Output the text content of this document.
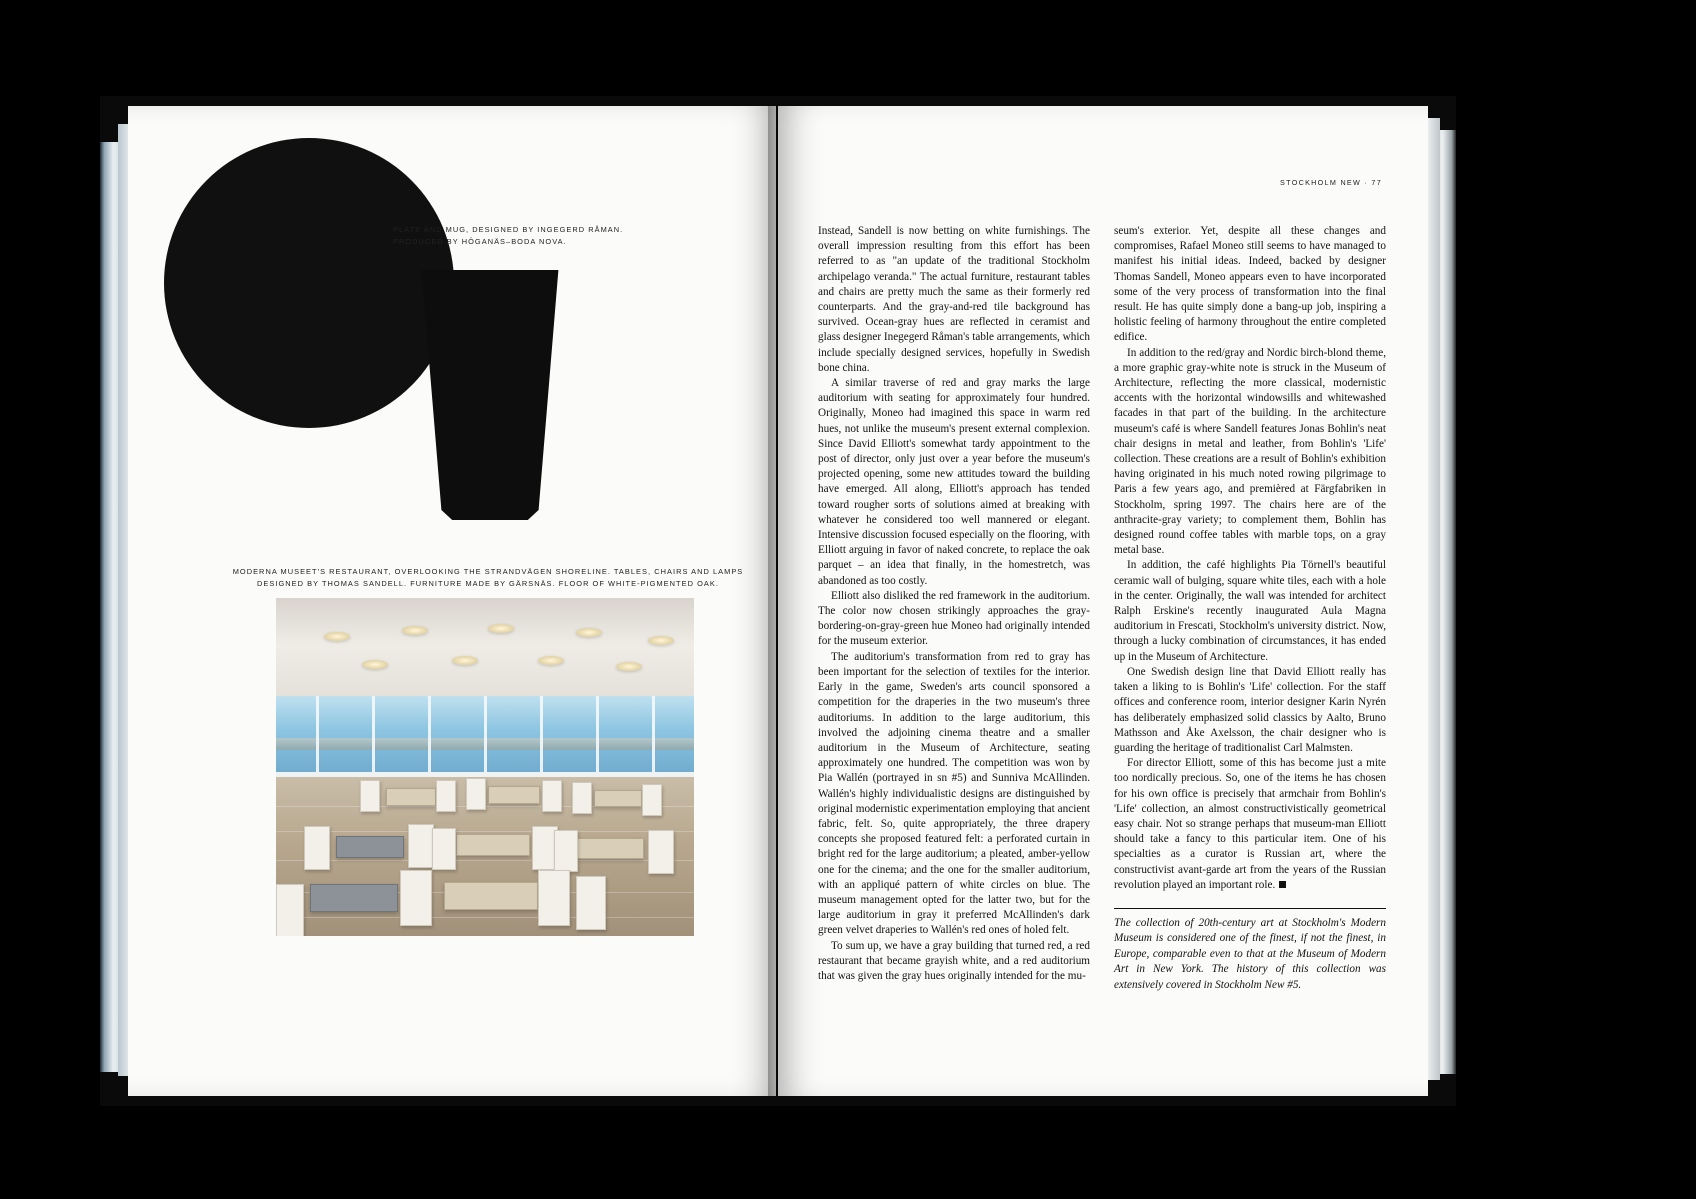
PLATE AND MUG, DESIGNED BY INGEGERD RÅMAN. PRODUCED BY HÖGANÄS–BODA NOVA.
MODERNA MUSEET'S RESTAURANT, OVERLOOKING THE STRANDVÄGEN SHORELINE. TABLES, CHAIRS AND LAMPS DESIGNED BY THOMAS SANDELL. FURNITURE MADE BY GÄRSNÄS. FLOOR OF WHITE-PIGMENTED OAK.
STOCKHOLM NEW · 77

Instead, Sandell is now betting on white furnishings. The overall impression resulting from this effort has been referred to as "an update of the traditional Stockholm archipelago veranda." The actual furniture, restaurant tables and chairs are pretty much the same as their formerly red counterparts. And the gray-and-red tile background has survived. Ocean-gray hues are reflected in ceramist and glass designer Inegegerd Råman's table arrangements, which include specially designed services, hopefully in Swedish bone china.

A similar traverse of red and gray marks the large auditorium with seating for approximately four hundred. Originally, Moneo had imagined this space in warm red hues, not unlike the museum's present external complexion. Since David Elliott's somewhat tardy appointment to the post of director, only just over a year before the museum's projected opening, some new attitudes toward the building have emerged. All along, Elliott's approach has tended toward rougher sorts of solutions aimed at breaking with whatever he considered too well mannered or elegant. Intensive discussion focused especially on the flooring, with Elliott arguing in favor of naked concrete, to replace the oak parquet – an idea that finally, in the homestretch, was abandoned as too costly.

Elliott also disliked the red framework in the auditorium. The color now chosen strikingly approaches the gray-bordering-on-gray-green hue Moneo had originally intended for the museum exterior.

The auditorium's transformation from red to gray has been important for the selection of textiles for the interior. Early in the game, Sweden's arts council sponsored a competition for the draperies in the two museum's three auditoriums. In addition to the large auditorium, this involved the adjoining cinema theatre and a smaller auditorium in the Museum of Architecture, seating approximately one hundred. The competition was won by Pia Wallén (portrayed in sn #5) and Sunniva McAllinden. Wallén's highly individualistic designs are distinguished by original modernistic experimentation employing that ancient fabric, felt. So, quite appropriately, the three drapery concepts she proposed featured felt: a perforated curtain in bright red for the large auditorium; a pleated, amber-yellow one for the cinema; and the one for the smaller auditorium, with an appliqué pattern of white circles on blue. The museum management opted for the latter two, but for the large auditorium in gray it preferred McAllinden's dark green velvet draperies to Wallén's red ones of holed felt.

To sum up, we have a gray building that turned red, a red restaurant that became grayish white, and a red auditorium that was given the gray hues originally intended for the mu-

seum's exterior. Yet, despite all these changes and compromises, Rafael Moneo still seems to have managed to manifest his initial ideas. Indeed, backed by designer Thomas Sandell, Moneo appears even to have incorporated some of the very process of transformation into the final result. He has quite simply done a bang-up job, inspiring a holistic feeling of harmony throughout the entire completed edifice.

In addition to the red/gray and Nordic birch-blond theme, a more graphic gray-white note is struck in the Museum of Architecture, reflecting the more classical, modernistic accents with the horizontal windowsills and whitewashed facades in that part of the building. In the architecture museum's café is where Sandell features Jonas Bohlin's neat chair designs in metal and leather, from Bohlin's 'Life' collection. These creations are a result of Bohlin's exhibition having originated in his much noted rowing pilgrimage to Paris a few years ago, and premièred at Färgfabriken in Stockholm, spring 1997. The chairs here are of the anthracite-gray variety; to complement them, Bohlin has designed round coffee tables with marble tops, on a gray metal base.

In addition, the café highlights Pia Törnell's beautiful ceramic wall of bulging, square white tiles, each with a hole in the center. Originally, the wall was intended for architect Ralph Erskine's recently inaugurated Aula Magna auditorium in Frescati, Stockholm's university district. Now, through a lucky combination of circumstances, it has ended up in the Museum of Architecture.

One Swedish design line that David Elliott really has taken a liking to is Bohlin's 'Life' collection. For the staff offices and conference room, interior designer Karin Nyrén has deliberately emphasized solid classics by Aalto, Bruno Mathsson and Åke Axelsson, the chair designer who is guarding the heritage of traditionalist Carl Malmsten.

For director Elliott, some of this has become just a mite too nordically precious. So, one of the items he has chosen for his own office is precisely that armchair from Bohlin's 'Life' collection, an almost constructivistically geometrical easy chair. Not so strange perhaps that museum-man Elliott should take a fancy to this particular item. One of his specialties as a curator is Russian art, where the constructivist avant-garde art from the years of the Russian revolution played an important role.

The collection of 20th-century art at Stockholm's Modern Museum is considered one of the finest, if not the finest, in Europe, comparable even to that at the Museum of Modern Art in New York. The history of this collection was extensively covered in Stockholm New #5.
